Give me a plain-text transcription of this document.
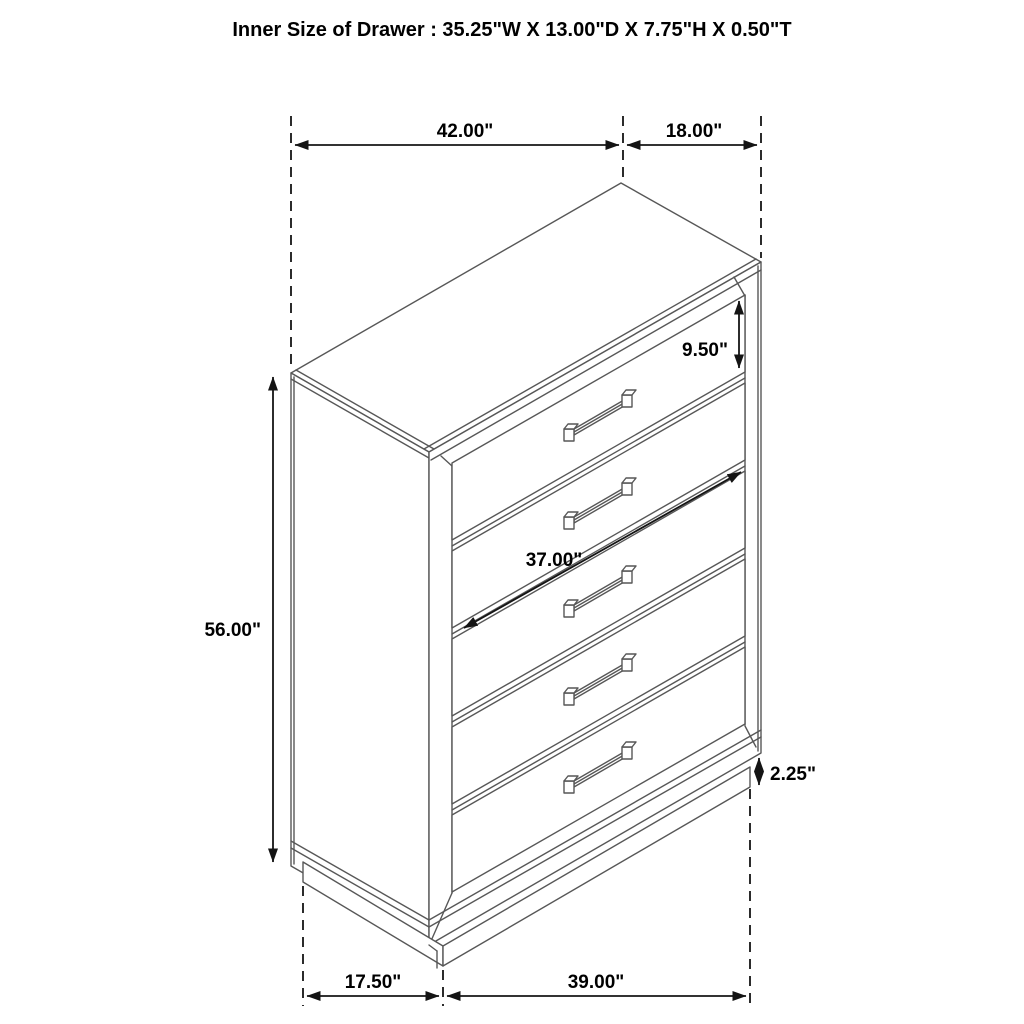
Inner Size of Drawer : 35.25"W X 13.00"D X 7.75"H X 0.50"T
42.00"	18.00"
9.50"
37.00"
56.00"
2.25"
17.50"	39.00"
